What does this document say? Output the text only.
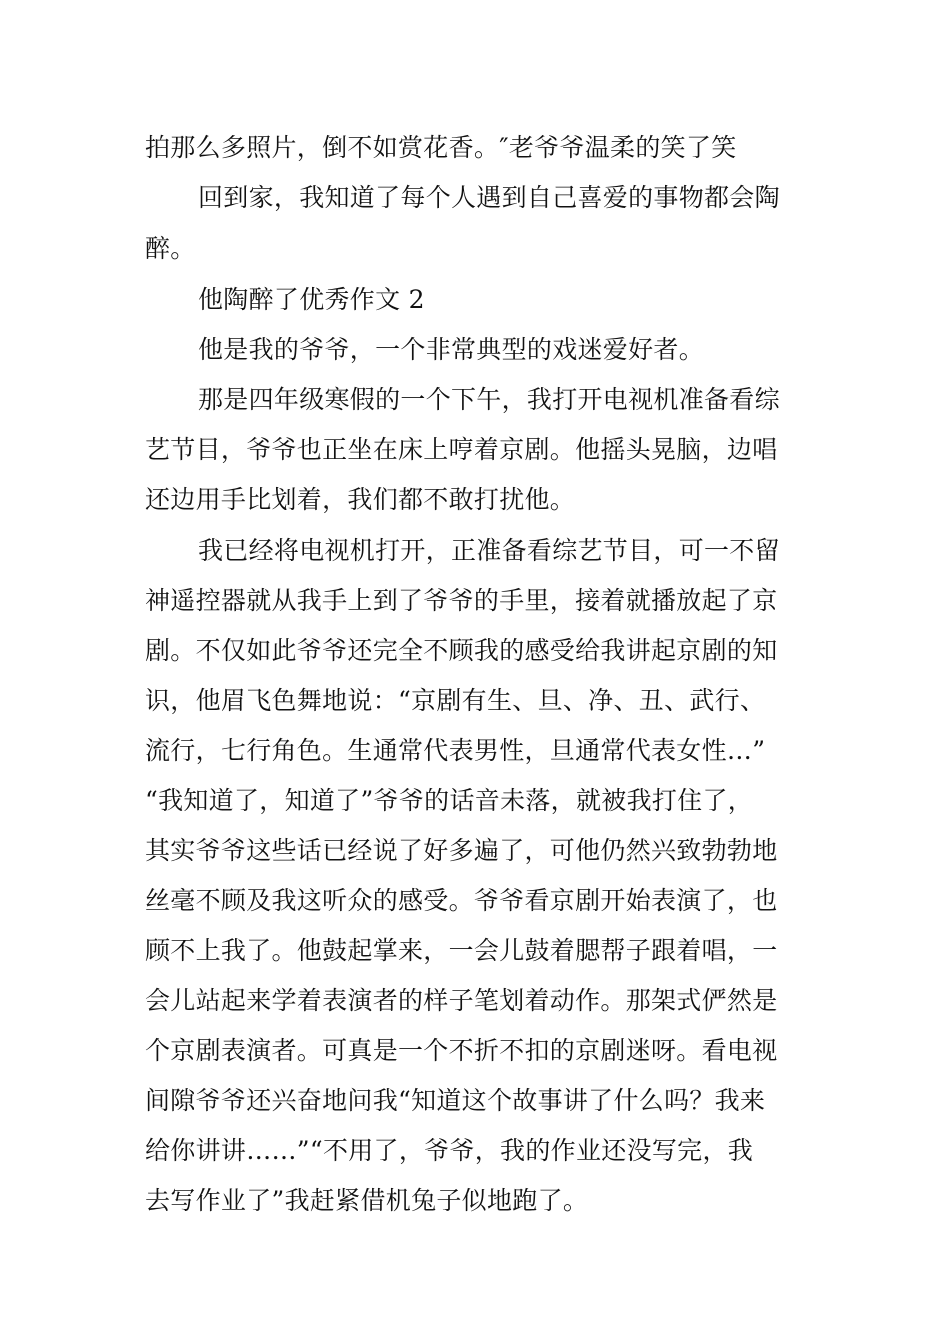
拍那么多照片，倒不如赏花香。″老爷爷温柔的笑了笑
回到家，我知道了每个人遇到自己喜爱的事物都会陶
醉。
他陶醉了优秀作文 2
他是我的爷爷，一个非常典型的戏迷爱好者。
那是四年级寒假的一个下午，我打开电视机准备看综
艺节目，爷爷也正坐在床上哼着京剧。他摇头晃脑，边唱
还边用手比划着，我们都不敢打扰他。
我已经将电视机打开，正准备看综艺节目，可一不留
神遥控器就从我手上到了爷爷的手里，接着就播放起了京
剧。不仅如此爷爷还完全不顾我的感受给我讲起京剧的知
识，他眉飞色舞地说：“京剧有生、旦、净、丑、武行、
流行，七行角色。生通常代表男性，旦通常代表女性…”
“我知道了，知道了”爷爷的话音未落，就被我打住了，
其实爷爷这些话已经说了好多遍了，可他仍然兴致勃勃地
丝毫不顾及我这听众的感受。爷爷看京剧开始表演了，也
顾不上我了。他鼓起掌来，一会儿鼓着腮帮子跟着唱，一
会儿站起来学着表演者的样子笔划着动作。那架式俨然是
个京剧表演者。可真是一个不折不扣的京剧迷呀。看电视
间隙爷爷还兴奋地问我“知道这个故事讲了什么吗？我来
给你讲讲……”“不用了，爷爷，我的作业还没写完，我
去写作业了”我赶紧借机兔子似地跑了。
